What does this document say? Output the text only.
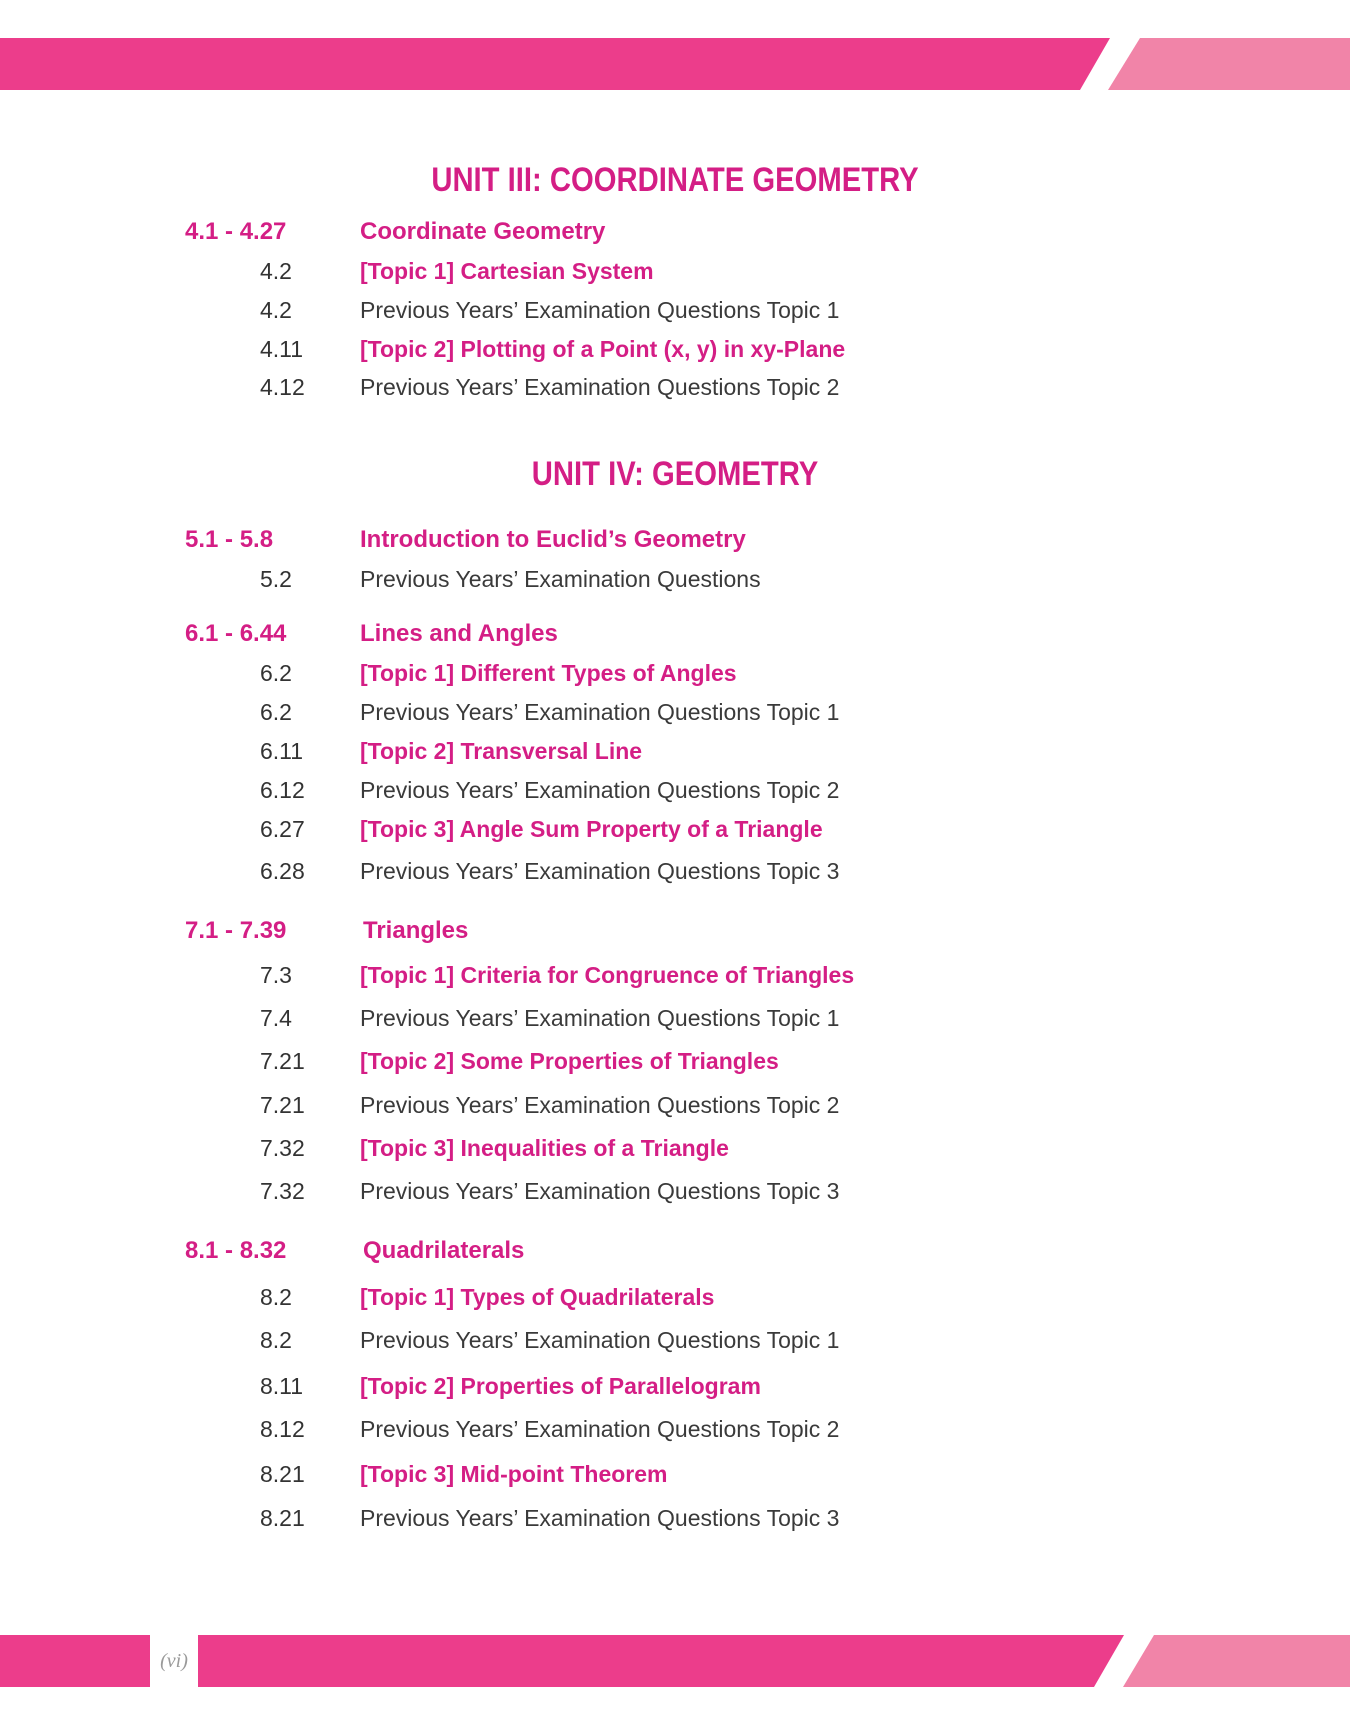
UNIT III: COORDINATE GEOMETRY
4.1 - 4.27	Coordinate Geometry
4.2	[Topic 1] Cartesian System
4.2	Previous Years’ Examination Questions Topic 1
4.11 [Topic 2] Plotting of a Point (x, y) in xy-Plane
4.12 Previous Years’ Examination Questions Topic 2
UNIT IV: GEOMETRY
5.1 - 5.8	Introduction to Euclid’s Geometry
5.2	Previous Years’ Examination Questions
6.1 - 6.44	Lines and Angles
6.2	[Topic 1] Different Types of Angles
6.2	Previous Years’ Examination Questions Topic 1
6.11 [Topic 2] Transversal Line
6.12 Previous Years’ Examination Questions Topic 2
6.27 [Topic 3] Angle Sum Property of a Triangle
6.28 Previous Years’ Examination Questions Topic 3
7.1 - 7.39	Triangles
7.3	[Topic 1] Criteria for Congruence of Triangles
7.4	Previous Years’ Examination Questions Topic 1
7.21 [Topic 2] Some Properties of Triangles
7.21 Previous Years’ Examination Questions Topic 2
7.32 [Topic 3] Inequalities of a Triangle
7.32 Previous Years’ Examination Questions Topic 3
8.1 - 8.32	Quadrilaterals
8.2	[Topic 1] Types of Quadrilaterals
8.2	Previous Years’ Examination Questions Topic 1
8.11 [Topic 2] Properties of Parallelogram
8.12 Previous Years’ Examination Questions Topic 2
8.21 [Topic 3] Mid-point Theorem
8.21 Previous Years’ Examination Questions Topic 3
(vi)
